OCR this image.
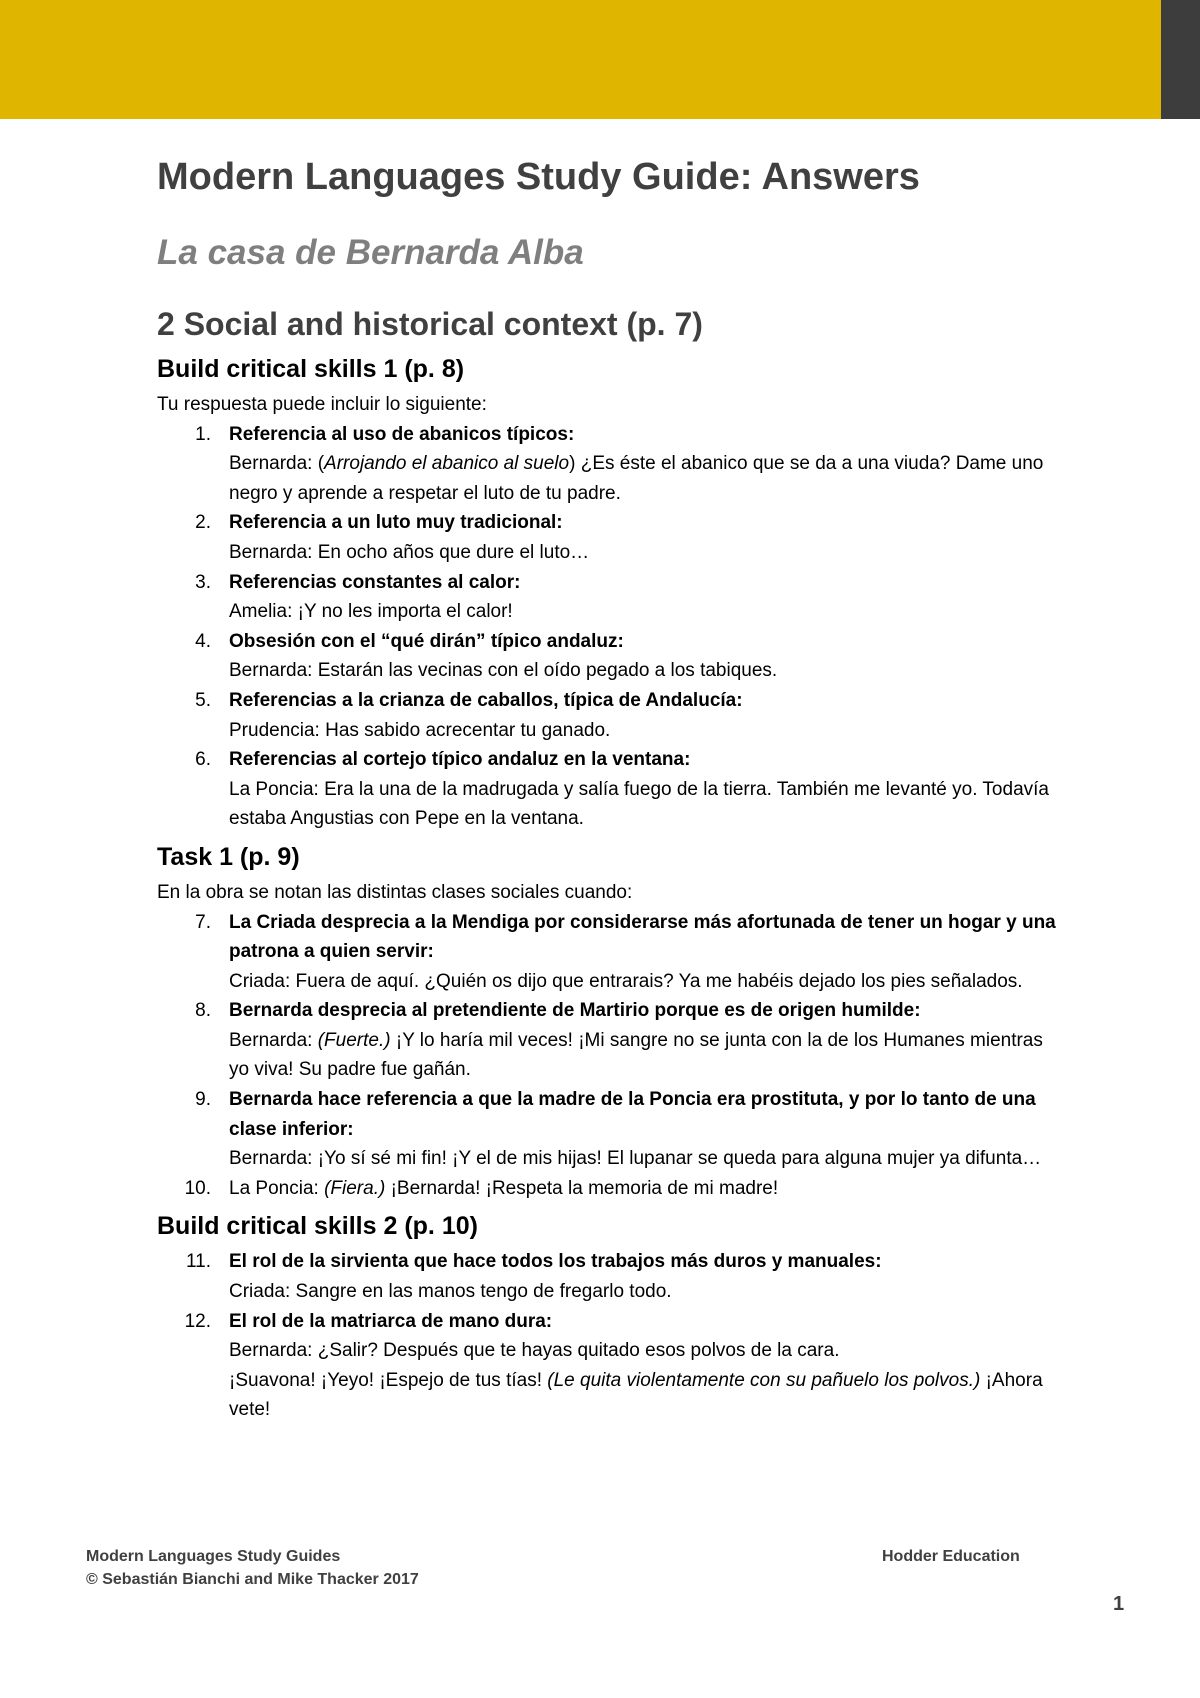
Modern Languages Study Guide: Answers
La casa de Bernarda Alba
2 Social and historical context (p. 7)
Build critical skills 1 (p. 8)

Tu respuesta puede incluir lo siguiente:

1. Referencia al uso de abanicos típicos:
Bernarda: (Arrojando el abanico al suelo) ¿Es éste el abanico que se da a una viuda? Dame uno negro y aprende a respetar el luto de tu padre.
2. Referencia a un luto muy tradicional:
Bernarda: En ocho años que dure el luto…
3. Referencias constantes al calor:
Amelia: ¡Y no les importa el calor!
4. Obsesión con el “qué dirán” típico andaluz:
Bernarda: Estarán las vecinas con el oído pegado a los tabiques.
5. Referencias a la crianza de caballos, típica de Andalucía:
Prudencia: Has sabido acrecentar tu ganado.
6. Referencias al cortejo típico andaluz en la ventana:
La Poncia: Era la una de la madrugada y salía fuego de la tierra. También me levanté yo. Todavía estaba Angustias con Pepe en la ventana.
Task 1 (p. 9)

En la obra se notan las distintas clases sociales cuando:

7. La Criada desprecia a la Mendiga por considerarse más afortunada de tener un hogar y una patrona a quien servir:
Criada: Fuera de aquí. ¿Quién os dijo que entrarais? Ya me habéis dejado los pies señalados.
8. Bernarda desprecia al pretendiente de Martirio porque es de origen humilde:
Bernarda: (Fuerte.) ¡Y lo haría mil veces! ¡Mi sangre no se junta con la de los Humanes mientras yo viva! Su padre fue gañán.
9. Bernarda hace referencia a que la madre de la Poncia era prostituta, y por lo tanto de una clase inferior:
Bernarda: ¡Yo sí sé mi fin! ¡Y el de mis hijas! El lupanar se queda para alguna mujer ya difunta…
10. La Poncia: (Fiera.) ¡Bernarda! ¡Respeta la memoria de mi madre!
Build critical skills 2 (p. 10)
11. El rol de la sirvienta que hace todos los trabajos más duros y manuales:
Criada: Sangre en las manos tengo de fregarlo todo.
12. El rol de la matriarca de mano dura:
Bernarda: ¿Salir? Después que te hayas quitado esos polvos de la cara.
¡Suavona! ¡Yeyo! ¡Espejo de tus tías! (Le quita violentamente con su pañuelo los polvos.) ¡Ahora vete!
Modern Languages Study Guides
© Sebastián Bianchi and Mike Thacker 2017
Hodder Education
1
